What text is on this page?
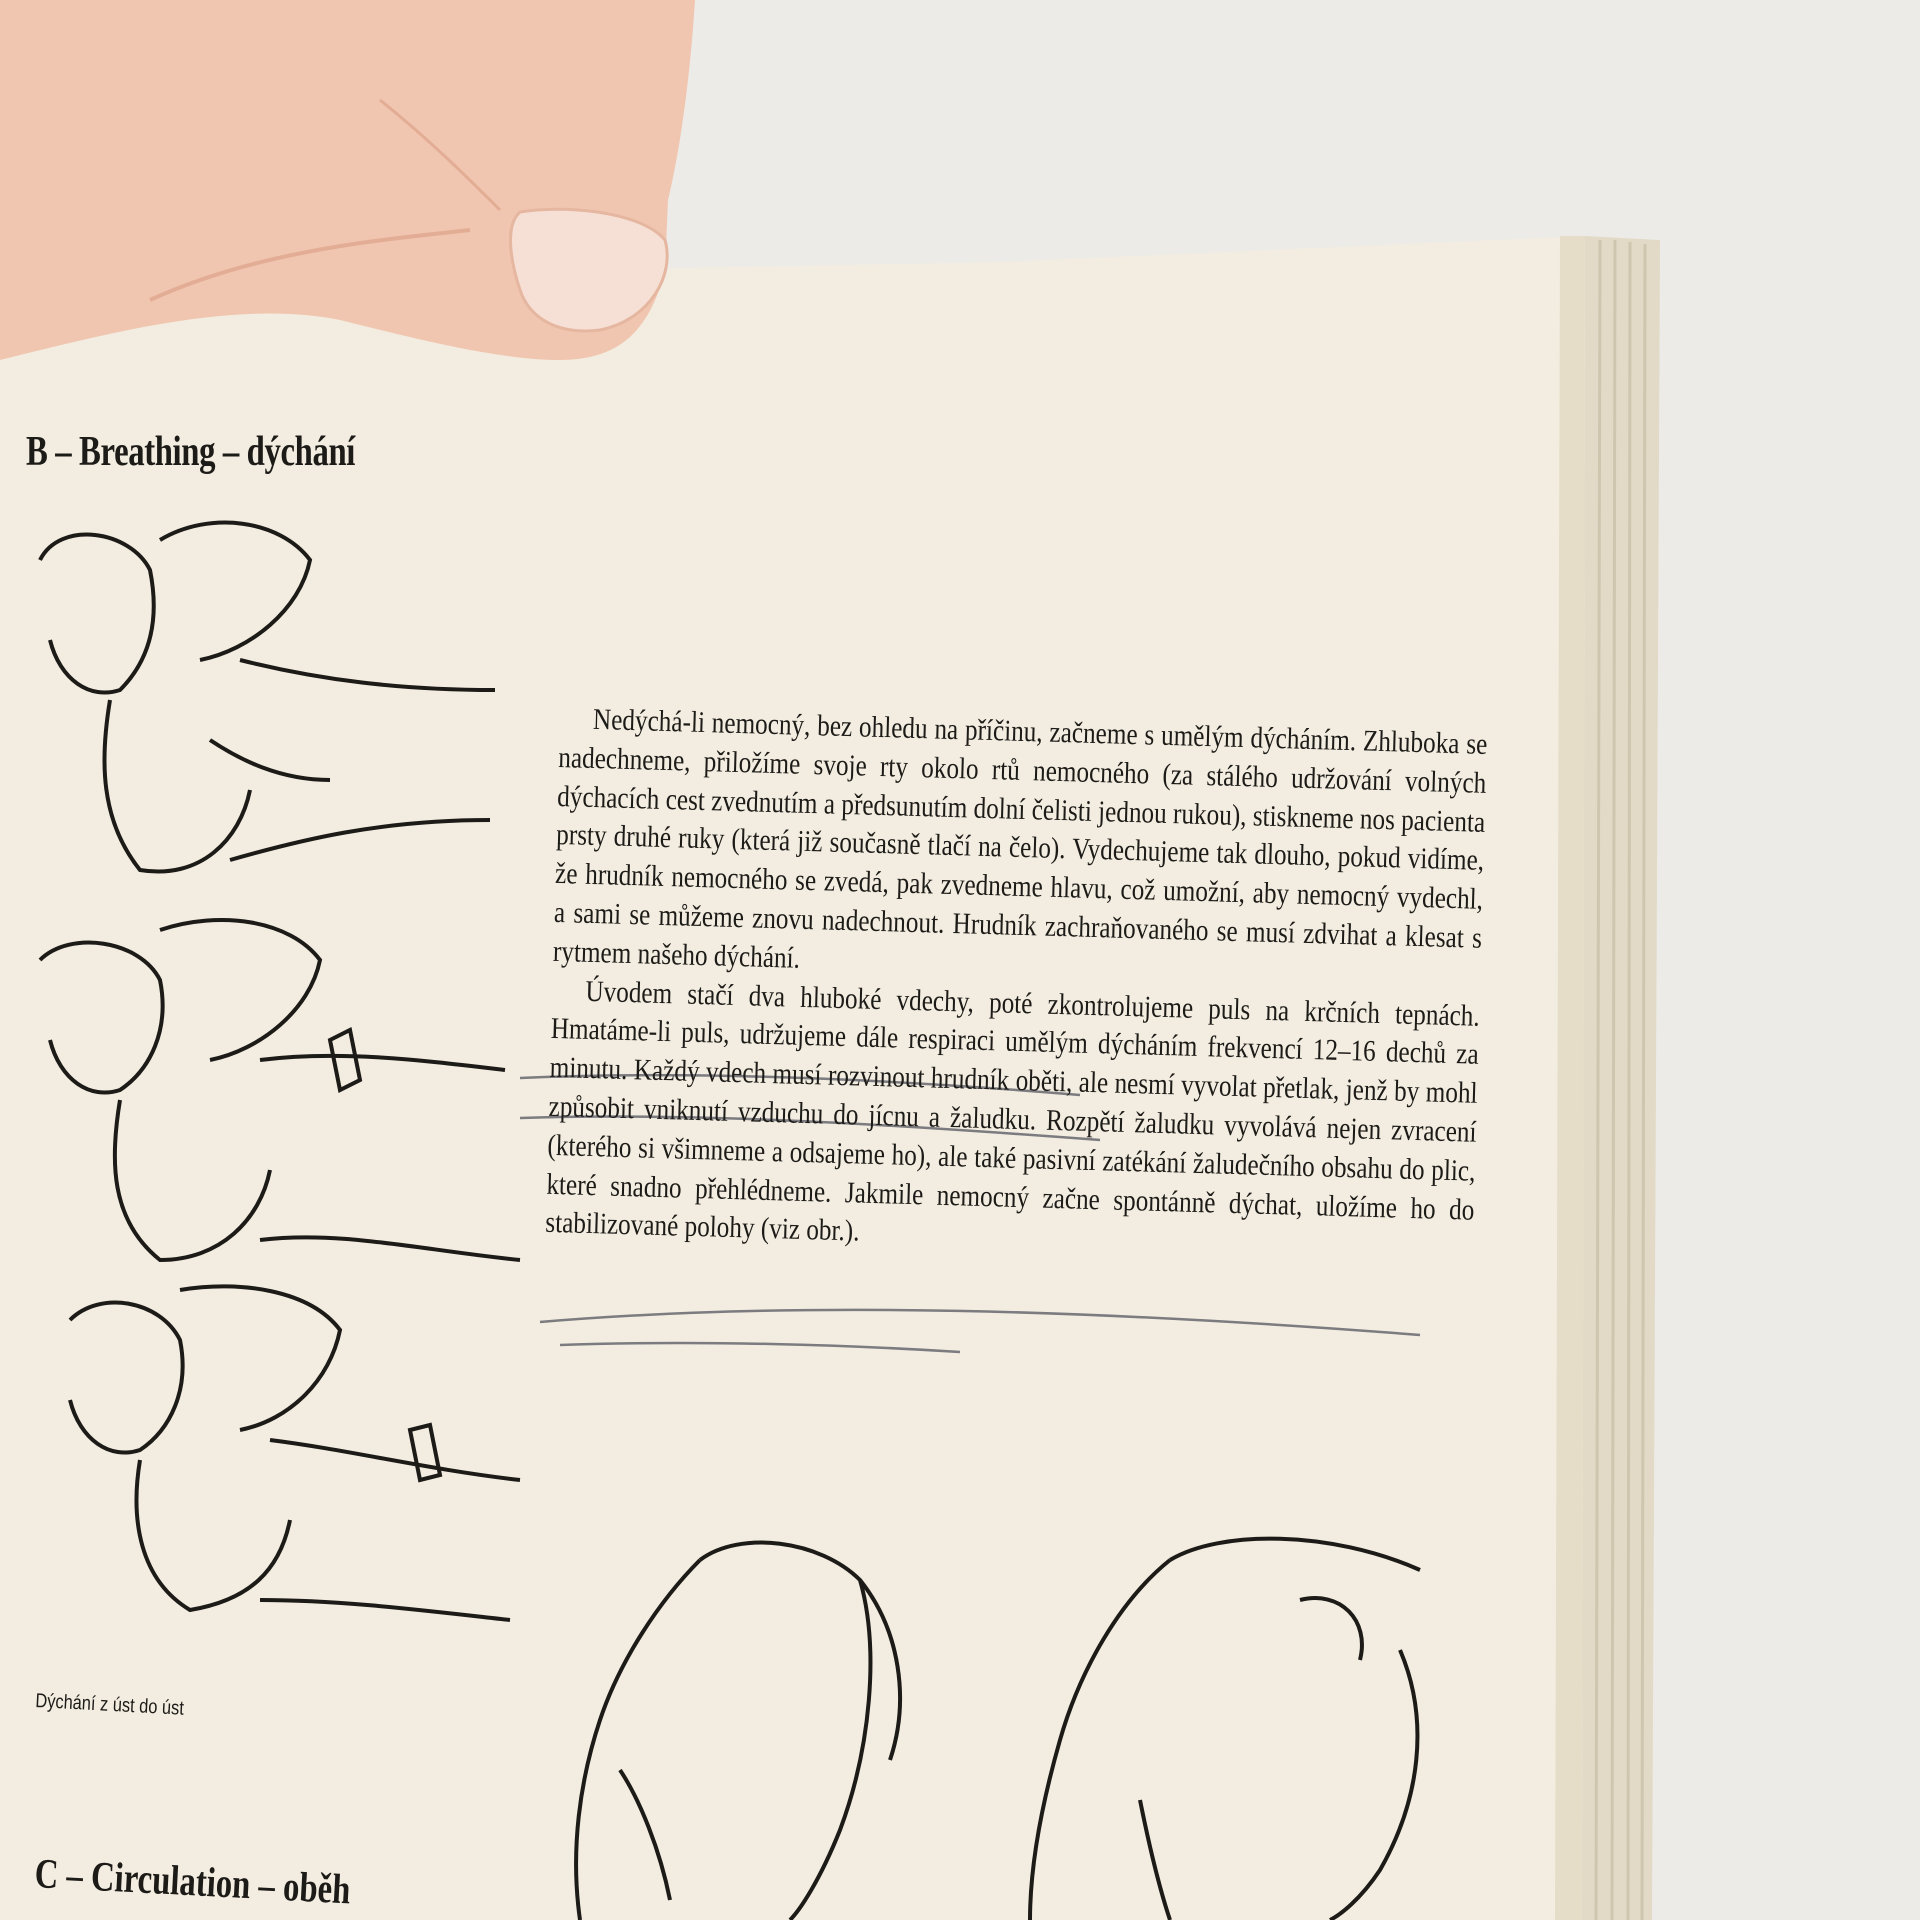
B – Breathing – dýchání

Nedýchá-li nemocný, bez ohledu na příčinu, začneme s umělým dýcháním. Zhluboka se nadechneme, přiložíme svoje rty okolo rtů nemocného (za stálého udržování volných dýchacích cest zvednutím a předsunutím dolní čelisti jednou rukou), stiskneme nos pacienta prsty druhé ruky (která již současně tlačí na čelo). Vydechujeme tak dlouho, pokud vidíme, že hrudník nemocného se zvedá, pak zvedneme hlavu, což umožní, aby nemocný vydechl, a sami se můžeme znovu nadechnout. Hrudník zachraňovaného se musí zdvihat a klesat s rytmem našeho dýchání.

Úvodem stačí dva hluboké vdechy, poté zkontrolujeme puls na krčních tepnách. Hmatáme-li puls, udržujeme dále respiraci umělým dýcháním frekvencí 12–16 dechů za minutu. Každý vdech musí rozvinout hrudník oběti, ale nesmí vyvolat přetlak, jenž by mohl způsobit vniknutí vzduchu do jícnu a žaludku. Rozpětí žaludku vyvolává nejen zvracení (kterého si všimneme a odsajeme ho), ale také pasivní zatékání žaludečního obsahu do plic, které snadno přehlédneme. Jakmile nemocný začne spontánně dýchat, uložíme ho do stabilizované polohy (viz obr.).

Dýchání z úst do úst
C – Circulation – oběh
